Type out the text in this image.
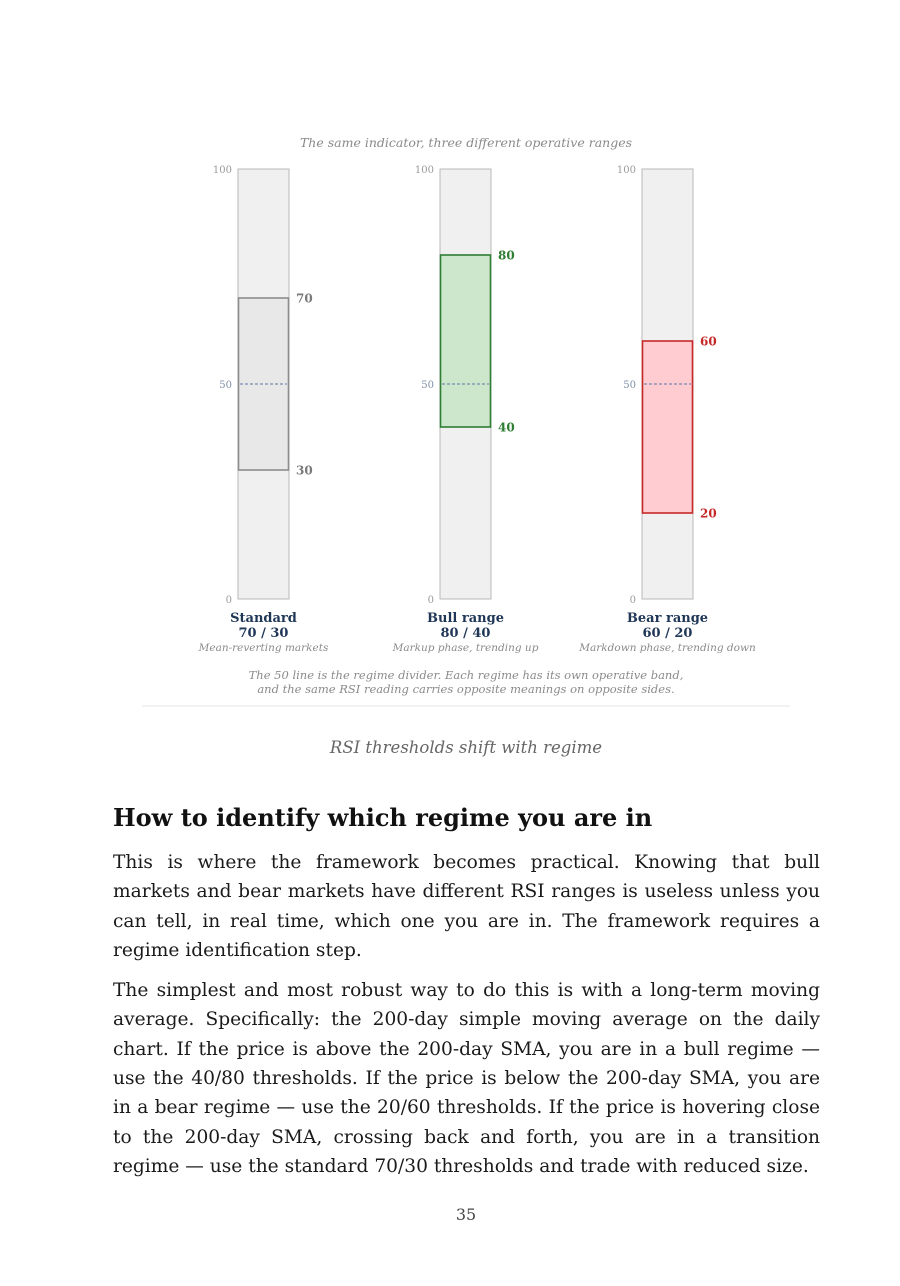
The same indicator, three different operative ranges
100
50
0
70
30
Standard
70 / 30
Mean-reverting markets
100
50
0
80
40
Bull range
80 / 40
Markup phase, trending up
100
50
0
60
20
Bear range
60 / 20
Markdown phase, trending down
The 50 line is the regime divider. Each regime has its own operative band,
and the same RSI reading carries opposite meanings on opposite sides.
RSI thresholds shift with regime
How to identify which regime you are in

This is where the framework becomes practical. Knowing that bull markets and bear markets have different RSI ranges is useless unless you can tell, in real time, which one you are in. The framework requires a regime identification step.

The simplest and most robust way to do this is with a long-term moving average. Specifically: the 200-day simple moving average on the daily chart. If the price is above the 200-day SMA, you are in a bull regime — use the 40/80 thresholds. If the price is below the 200-day SMA, you are in a bear regime — use the 20/60 thresholds. If the price is hovering close to the 200-day SMA, crossing back and forth, you are in a transition regime — use the standard 70/30 thresholds and trade with reduced size.

35
